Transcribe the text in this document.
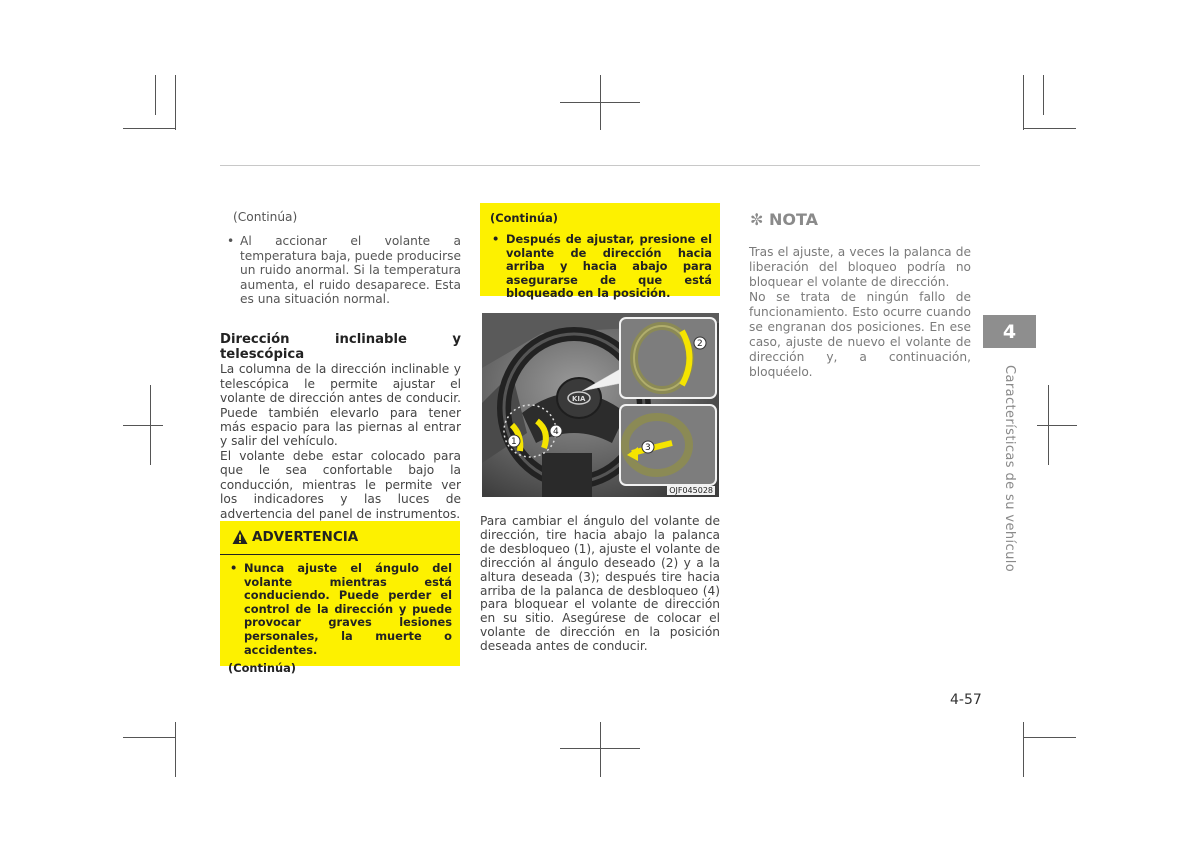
(Continúa)
• Al accionar el volante a temperatura baja, puede producirse un ruido anormal. Si la temperatura aumenta, el ruido desaparece. Esta es una situación normal.
Dirección inclinable y telescópica
La columna de la dirección inclinable y telescópica le permite ajustar el volante de dirección antes de conducir. Puede también elevarlo para tener más espacio para las piernas al entrar y salir del vehículo.
El volante debe estar colocado para que le sea confortable bajo la conducción, mientras le permite ver los indicadores y las luces de advertencia del panel de instrumentos.
ADVERTENCIA
• Nunca ajuste el ángulo del volante mientras está conduciendo. Puede perder el control de la dirección y puede provocar graves lesiones personales, la muerte o accidentes.
(Continúa)
(Continúa)
• Después de ajustar, presione el volante de dirección hacia arriba y hacia abajo para asegurarse de que está bloqueado en la posición.
KIA
1
4
2
3
OJF045028
Para cambiar el ángulo del volante de dirección, tire hacia abajo la palanca de desbloqueo (1), ajuste el volante de dirección al ángulo deseado (2) y a la altura deseada (3); después tire hacia arriba de la palanca de desbloqueo (4) para bloquear el volante de dirección en su sitio. Asegúrese de colocar el volante de dirección en la posición deseada antes de conducir.
✼ NOTA
Tras el ajuste, a veces la palanca de liberación del bloqueo podría no bloquear el volante de dirección.
No se trata de ningún fallo de funcionamiento. Esto ocurre cuando se engranan dos posiciones. En ese caso, ajuste de nuevo el volante de dirección y, a continuación, bloquéelo.
4
Características de su vehículo
4-57
